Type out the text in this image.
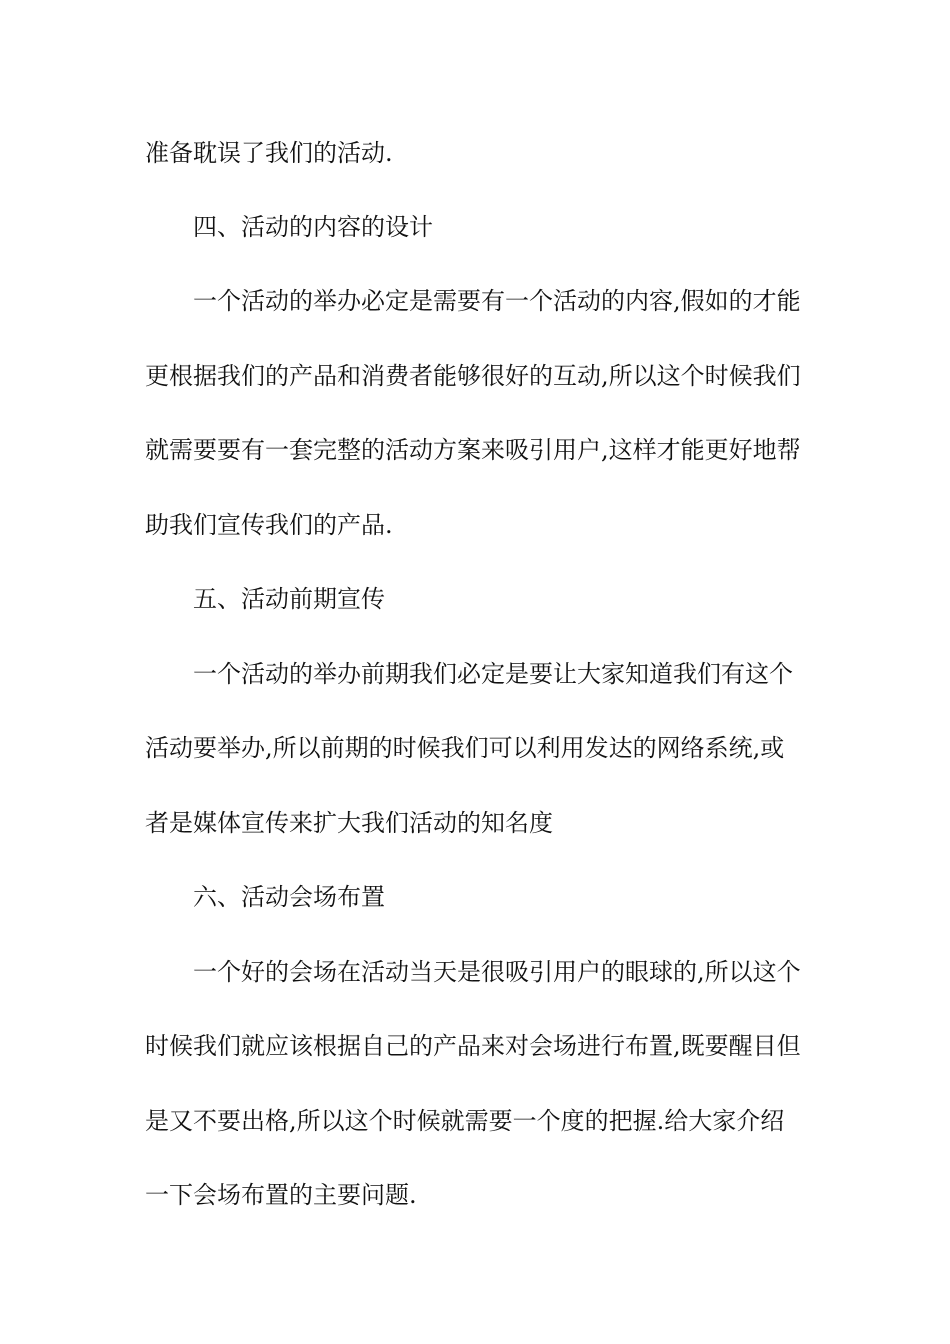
准备耽误了我们的活动.
四、活动的内容的设计
一个活动的举办必定是需要有一个活动的内容,假如的才能
更根据我们的产品和消费者能够很好的互动,所以这个时候我们
就需要要有一套完整的活动方案来吸引用户,这样才能更好地帮
助我们宣传我们的产品.
五、活动前期宣传
一个活动的举办前期我们必定是要让大家知道我们有这个
活动要举办,所以前期的时候我们可以利用发达的网络系统,或
者是媒体宣传来扩大我们活动的知名度
六、活动会场布置
一个好的会场在活动当天是很吸引用户的眼球的,所以这个
时候我们就应该根据自己的产品来对会场进行布置,既要醒目但
是又不要出格,所以这个时候就需要一个度的把握.给大家介绍
一下会场布置的主要问题.
